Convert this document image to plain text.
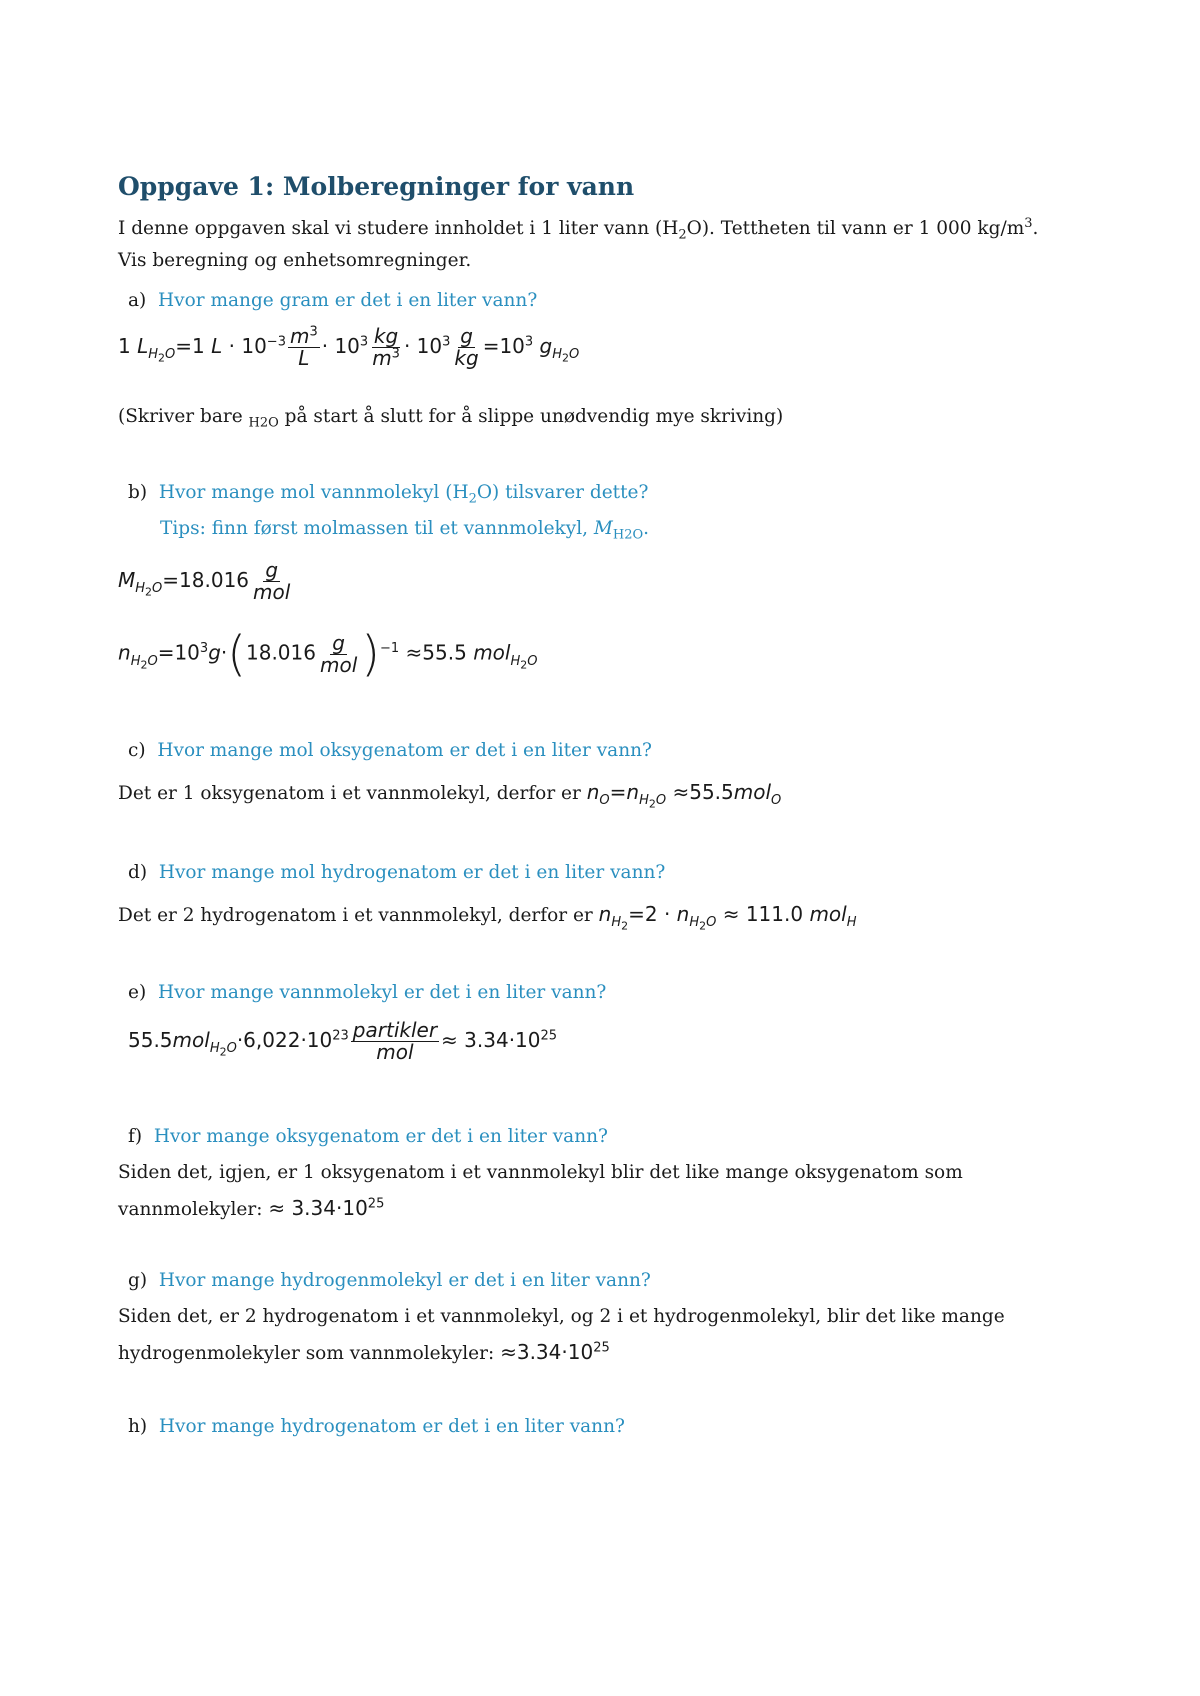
Oppgave 1: Molberegninger for vann
I denne oppgaven skal vi studere innholdet i 1 liter vann $(H_2O)$. Tettheten til vann er 1 000 $kg/m^3$.
Vis beregning og enhetsomregninger.
a) Hvor mange gram er det i en liter vann?
1 $L_{H_2O}=1$ $L \cdot 10^{-3} \frac{m^3}{L} \cdot 10^3 \frac{kg}{m^3} \cdot 10^3 \frac{g}{kg} =10^3$ $g_{H_2O}$
(Skriver bare $_{H2O}$ på start å slutt for å slippe unødvendig mye skriving)
b) Hvor mange mol vannmolekyl $(H_2O)$ tilsvarer dette?
Tips: finn først molmassen til et vannmolekyl, $M_{H2O}$.
$M_{H_2O}=18.016 \frac{g}{\text{mol}}$
$n_{H_2O}=10^3g\cdot(18.016 \frac{g}{\text{mol}} )^{-1} \approx 55.5$ mol$_{H_2O}$
c) Hvor mange mol oksygenatom er det i en liter vann?
Det er 1 oksygenatom i et vannmolekyl, derfor er $n_O=n_{H_2O} \approx 55.5mol_O$
d) Hvor mange mol hydrogenatom er det i en liter vann?
Det er 2 hydrogenatom i et vannmolekyl, derfor er $n_{H_2}=2 \cdot n_{H_2O} \approx 111.0$ mol$_H$
e) Hvor mange vannmolekyl er det i en liter vann?
$55.5mol_{H_2O}\cdot 6,022\cdot 10^{23} \frac{\text{partikler}}{\text{mol}} \approx 3.34\cdot 10^{25}$
f) Hvor mange oksygenatom er det i en liter vann?
Siden det, igjen, er 1 oksygenatom i et vannmolekyl blir det like mange oksygenatom som
vannmolekyler: ≈ $3.34\cdot 10^{25}$
g) Hvor mange hydrogenmolekyl er det i en liter vann?
Siden det, er 2 hydrogenatom i et vannmolekyl, og 2 i et hydrogenmolekyl, blir det like mange
hydrogenmolekyler som vannmolekyler: $\approx 3.34\cdot 10^{25}$
h) Hvor mange hydrogenatom er det i en liter vann?
